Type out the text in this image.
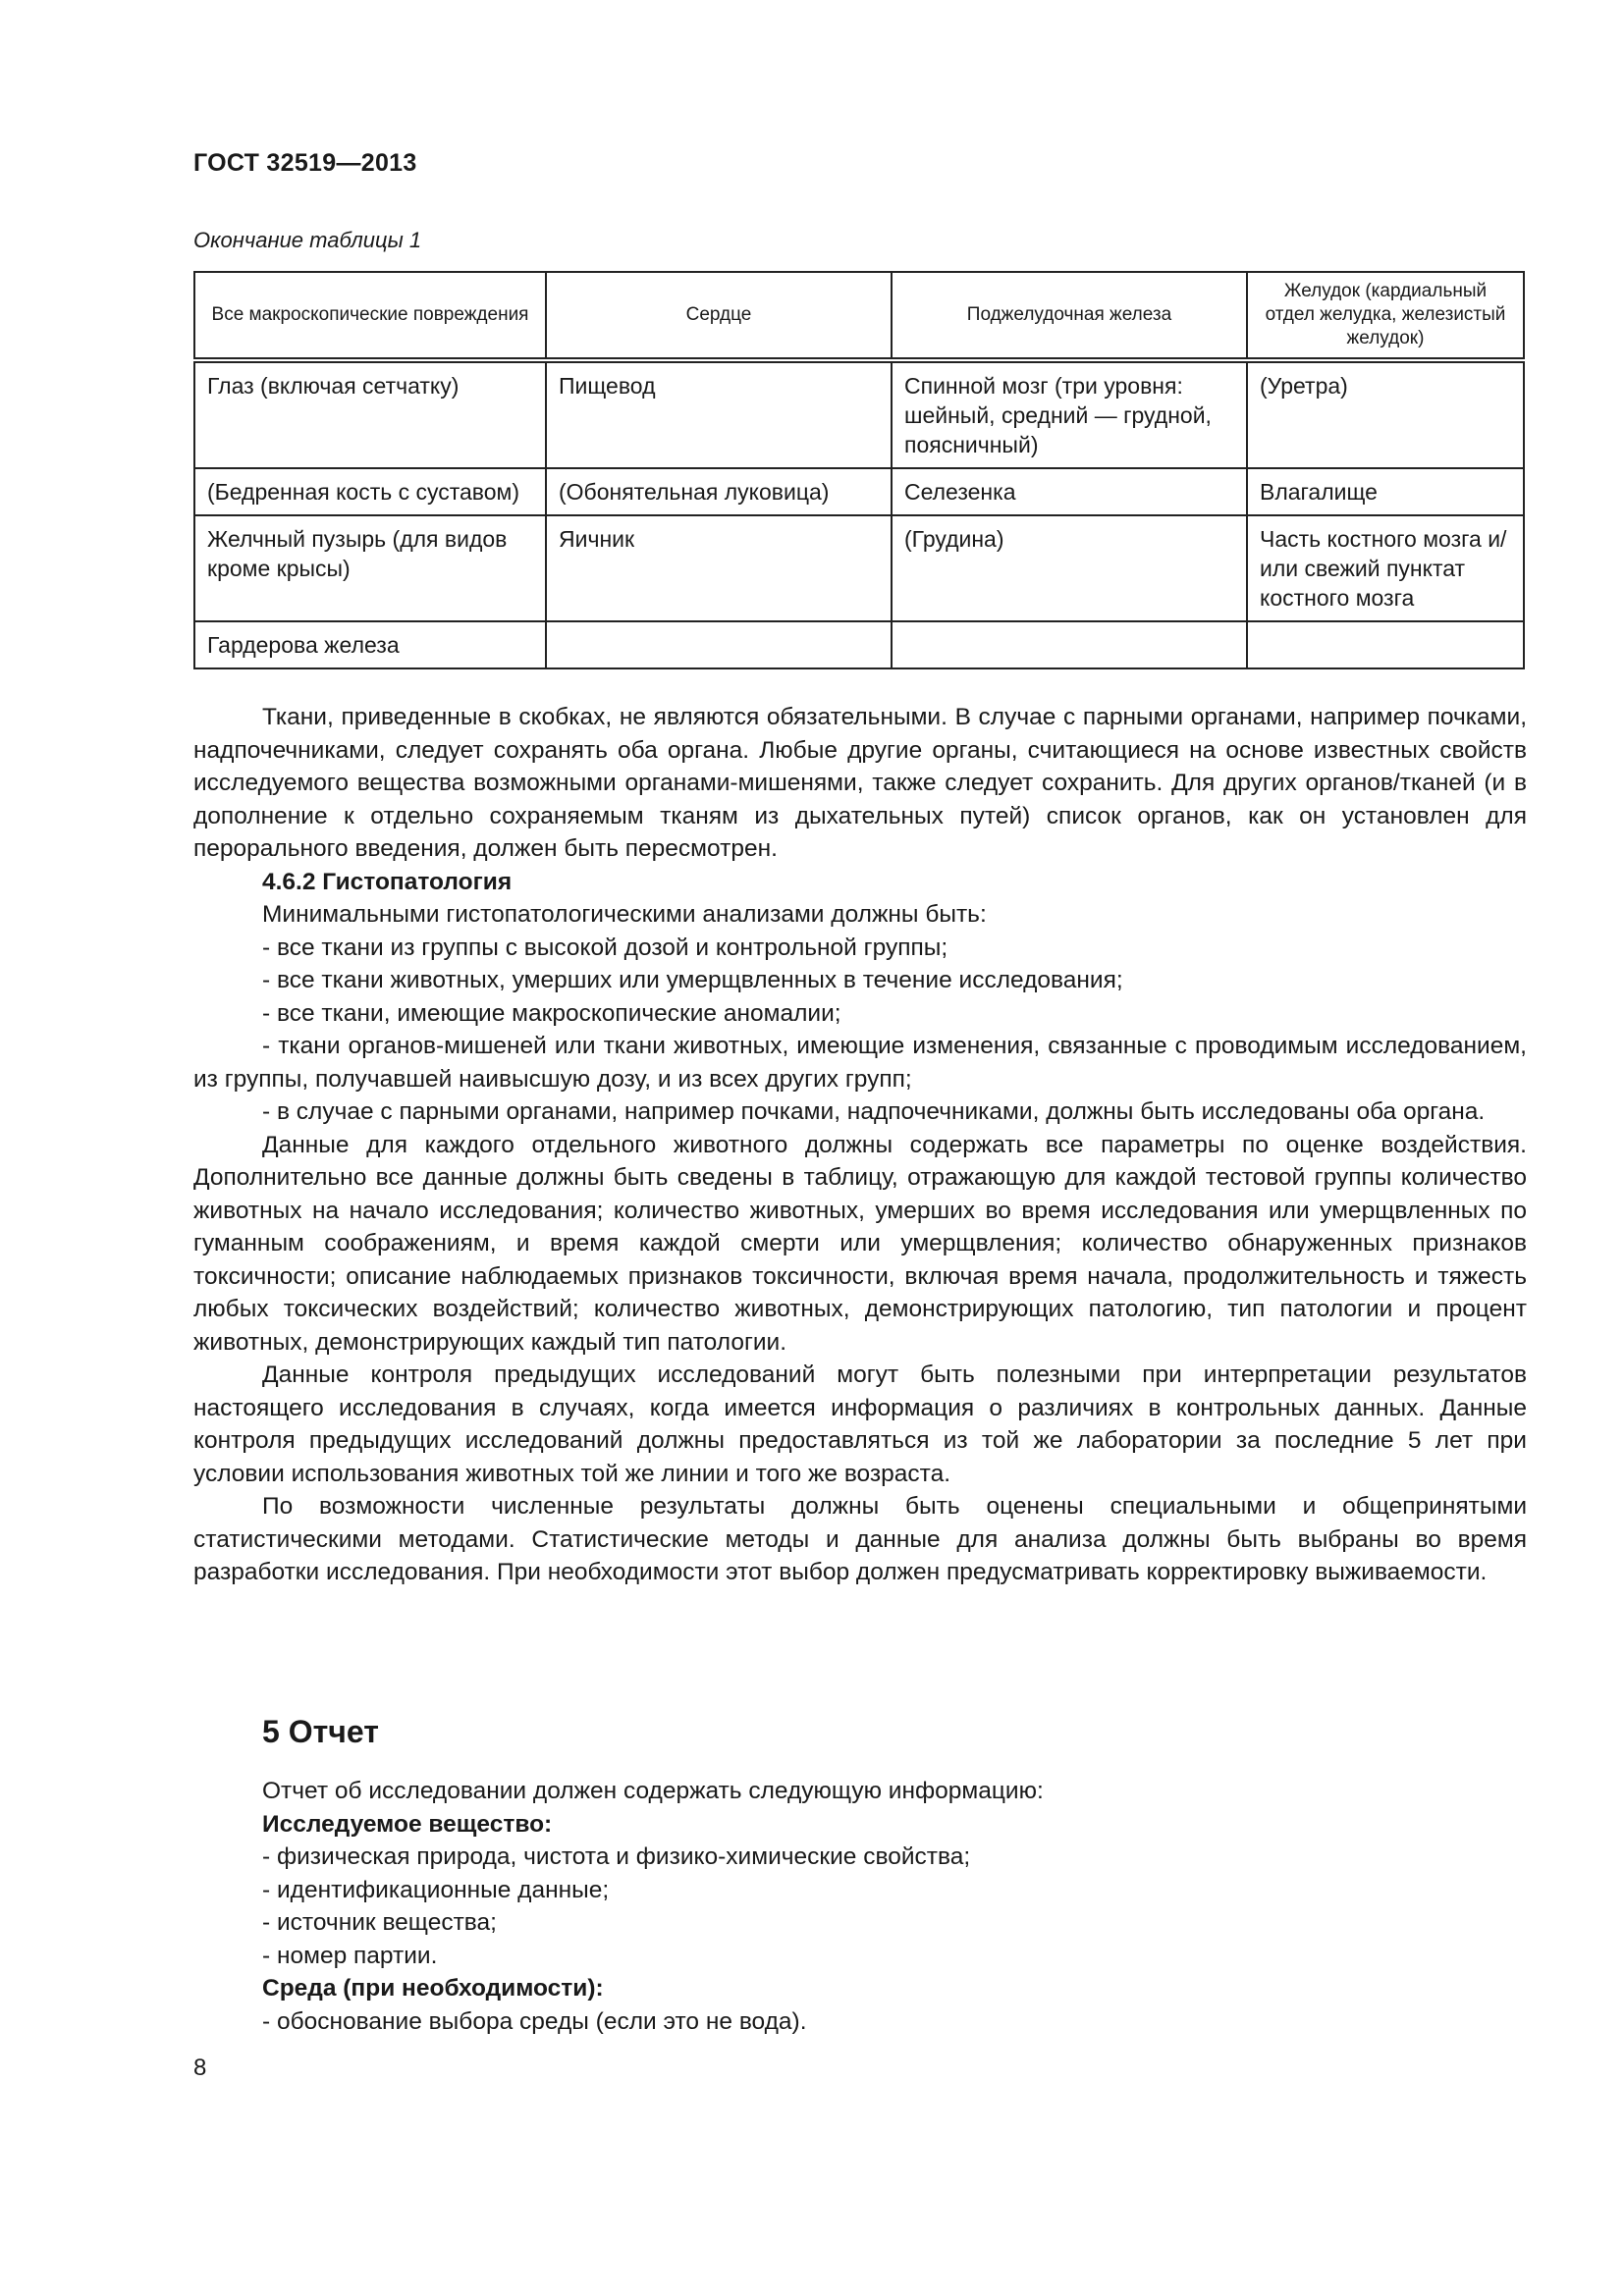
ГОСТ 32519—2013
Окончание таблицы 1
Все макроскопические повреждения	Сердце	Поджелудочная железа	Желудок (кардиальный отдел желудка, железистый желудок)
Глаз (включая сетчатку)	Пищевод	Спинной мозг (три уровня: шейный, средний — грудной, поясничный)	(Уретра)
(Бедренная кость с суставом)	(Обонятельная луковица)	Селезенка	Влагалище
Желчный пузырь (для видов кроме крысы)	Яичник	(Грудина)	Часть костного мозга и/или свежий пунктат костного мозга
Гардерова железа			

Ткани, приведенные в скобках, не являются обязательными. В случае с парными органами, например почками, надпочечниками, следует сохранять оба органа. Любые другие органы, считающиеся на основе известных свойств исследуемого вещества возможными органами-мишенями, также следует сохранить. Для других органов/тканей (и в дополнение к отдельно сохраняемым тканям из дыхательных путей) список органов, как он установлен для перорального введения, должен быть пересмотрен.

4.6.2 Гистопатология

Минимальными гистопатологическими анализами должны быть:

- все ткани из группы с высокой дозой и контрольной группы;

- все ткани животных, умерших или умерщвленных в течение исследования;

- все ткани, имеющие макроскопические аномалии;

- ткани органов-мишеней или ткани животных, имеющие изменения, связанные с проводимым исследованием, из группы, получавшей наивысшую дозу, и из всех других групп;

- в случае с парными органами, например почками, надпочечниками, должны быть исследованы оба органа.

Данные для каждого отдельного животного должны содержать все параметры по оценке воздействия. Дополнительно все данные должны быть сведены в таблицу, отражающую для каждой тестовой группы количество животных на начало исследования; количество животных, умерших во время исследования или умерщвленных по гуманным соображениям, и время каждой смерти или умерщвления; количество обнаруженных признаков токсичности; описание наблюдаемых признаков токсичности, включая время начала, продолжительность и тяжесть любых токсических воздействий; количество животных, демонстрирующих патологию, тип патологии и процент животных, демонстрирующих каждый тип патологии.

Данные контроля предыдущих исследований могут быть полезными при интерпретации результатов настоящего исследования в случаях, когда имеется информация о различиях в контрольных данных. Данные контроля предыдущих исследований должны предоставляться из той же лаборатории за последние 5 лет при условии использования животных той же линии и того же возраста.

По возможности численные результаты должны быть оценены специальными и общепринятыми статистическими методами. Статистические методы и данные для анализа должны быть выбраны во время разработки исследования. При необходимости этот выбор должен предусматривать корректировку выживаемости.

5 Отчет

Отчет об исследовании должен содержать следующую информацию:

Исследуемое вещество:

- физическая природа, чистота и физико-химические свойства;

- идентификационные данные;

- источник вещества;

- номер партии.

Среда (при необходимости):

- обоснование выбора среды (если это не вода).

8
